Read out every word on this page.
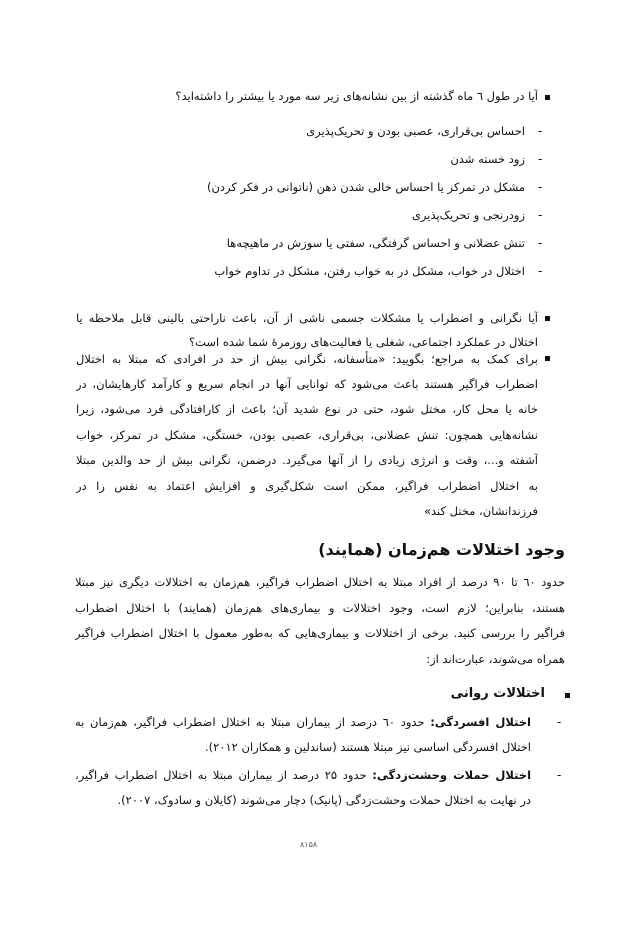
آیا در طول ٦ ماه گذشته از بین نشانه‌های زیر سه مورد یا بیشتر را داشته‌اید؟
-
احساس بی‌قراری، عصبی بودن و تحریک‌پذیری
-
زود خسته شدن
-
مشکل در تمرکز یا احساس خالی شدن ذهن (ناتوانی در فکر کردن)
-
زودرنجی و تحریک‌پذیری
-
تنش عضلانی و احساس گرفتگی، سفتی یا سوزش در ماهیچه‌ها
-
اختلال در خواب، مشکل در به خواب رفتن، مشکل در تداوم خواب
آیا نگرانی و اضطراب یا مشکلات جسمی ناشی از آن، باعث ناراحتی بالینی قابل ملاحظه یا
اختلال در عملکرد اجتماعی، شغلی یا فعالیت‌های روزمرهٔ شما شده است؟
برای کمک به مراجع؛ بگویید: «متأسفانه، نگرانی بیش از حد در افرادی که مبتلا به اختلال
اضطراب فراگیر هستند باعث می‌شود که توانایی آنها در انجام سریع و کارآمد کارهایشان، در
خانه یا محل کار، مختل شود، حتی در نوع شدید آن؛ باعث از کارافتادگی فرد می‌شود، زیرا
نشانه‌هایی همچون: تنش عضلانی، بی‌قراری، عصبی بودن، خستگی، مشکل در تمرکز، خواب
آشفته و...، وقت و انرژی زیادی را از آنها می‌گیرد. درضمن، نگرانی بیش از حد والدین مبتلا
به اختلال اضطراب فراگیر، ممکن است شکل‌گیری و افزایش اعتماد به نفس را در
فرزندانشان، مختل کند»
وجود اختلالات هم‌زمان (همایند)
حدود ٦۰ تا ۹۰ درصد از افراد مبتلا به اختلال اضطراب فراگیر، هم‌زمان به اختلالات دیگری نیز مبتلا
هستند، بنابراین؛ لازم است، وجود اختلالات و بیماری‌های هم‌زمان (همایند) با اختلال اضطراب
فراگیر را بررسی کنید. برخی از اختلالات و بیماری‌هایی که به‌طور معمول با اختلال اضطراب فراگیر
همراه می‌شوند، عبارت‌اند از:
اختلالات روانی
-
اختلال افسردگی: حدود ٦۰ درصد از بیماران مبتلا به اختلال اضطراب فراگیر، هم‌زمان به
اختلال افسردگی اساسی نیز مبتلا هستند (ساندلین و همکاران ۲۰۱۲).
-
اختلال حملات وحشت‌زدگی: حدود ۲۵ درصد از بیماران مبتلا به اختلال اضطراب فراگیر،
در نهایت به اختلال حملات وحشت‌زدگی (پانیک) دچار می‌شوند (کایلان و سادوک، ۲۰۰۷).
۸۱۵۸
